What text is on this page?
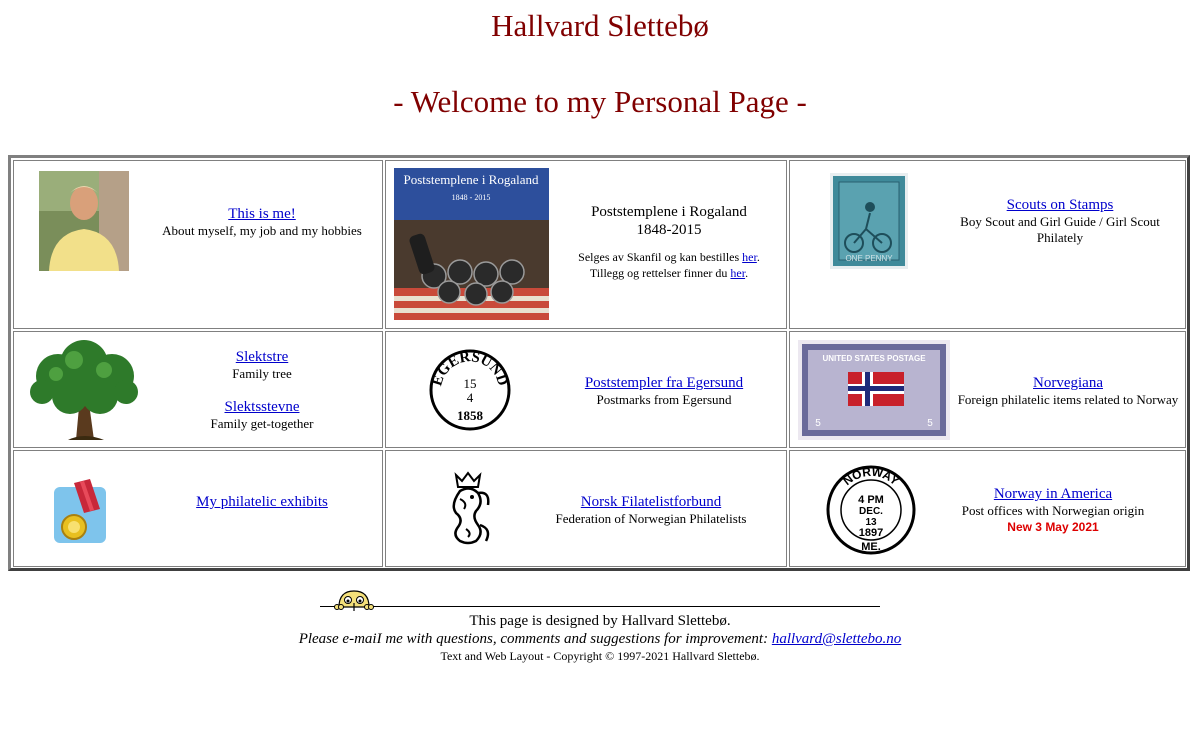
Hallvard Slettebø
- Welcome to my Personal Page -
This is me!
About myself, my job and my hobbies
Poststemplene i Rogaland
1848 - 2015
Poststemplene i Rogaland
1848-2015
Selges av Skanfil og kan bestilles her.
Tillegg og rettelser finner du her.
ONE PENNY
Scouts on Stamps
Boy Scout and Girl Guide / Girl Scout Philately
Slektstre
Family tree

Slektsstevne
Family get-together
EGERSUND
15
4
1858
Poststempler fra Egersund
Postmarks from Egersund
UNITED STATES POSTAGE
5	5
Norvegiana
Foreign philatelic items related to Norway
My philatelic exhibits	Norsk Filatelistforbund
Federation of Norwegian Philatelists
NORWAY
4 PM
DEC.
13
1897
ME.
Norway in America
Post offices with Norwegian origin
New 3 May 2021
This page is designed by Hallvard Slettebø.
Please e-maiI me with questions, comments and suggestions for improvement: hallvard@slettebo.no
Text and Web Layout - Copyright © 1997-2021 Hallvard Slettebø.
